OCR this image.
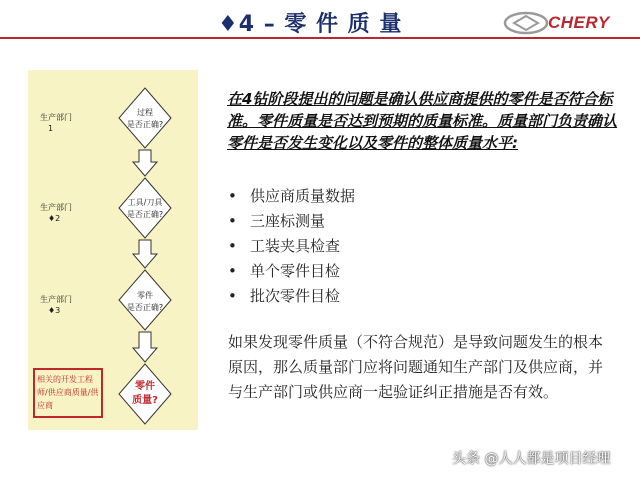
♦4 – 零 件 质 量	CHERY
生产部门
1
过程
是否正确?
生产部门
♦2
工具/刀具
是否正确?
生产部门
♦3
零件
是否正确?
相关的开发工程师/供应商质量/供应商
零件
质量?
在4钻阶段提出的问题是确认供应商提供的零件是否符合标准。零件质量是否达到预期的质量标准。质量部门负责确认零件是否发生变化以及零件的整体质量水平:
• 供应商质量数据
• 三座标测量
• 工装夹具检查
• 单个零件目检
• 批次零件目检
如果发现零件质量（不符合规范）是导致问题发生的根本原因，那么质量部门应将问题通知生产部门及供应商，并与生产部门或供应商一起验证纠正措施是否有效。
头条 @人人都是项目经理
